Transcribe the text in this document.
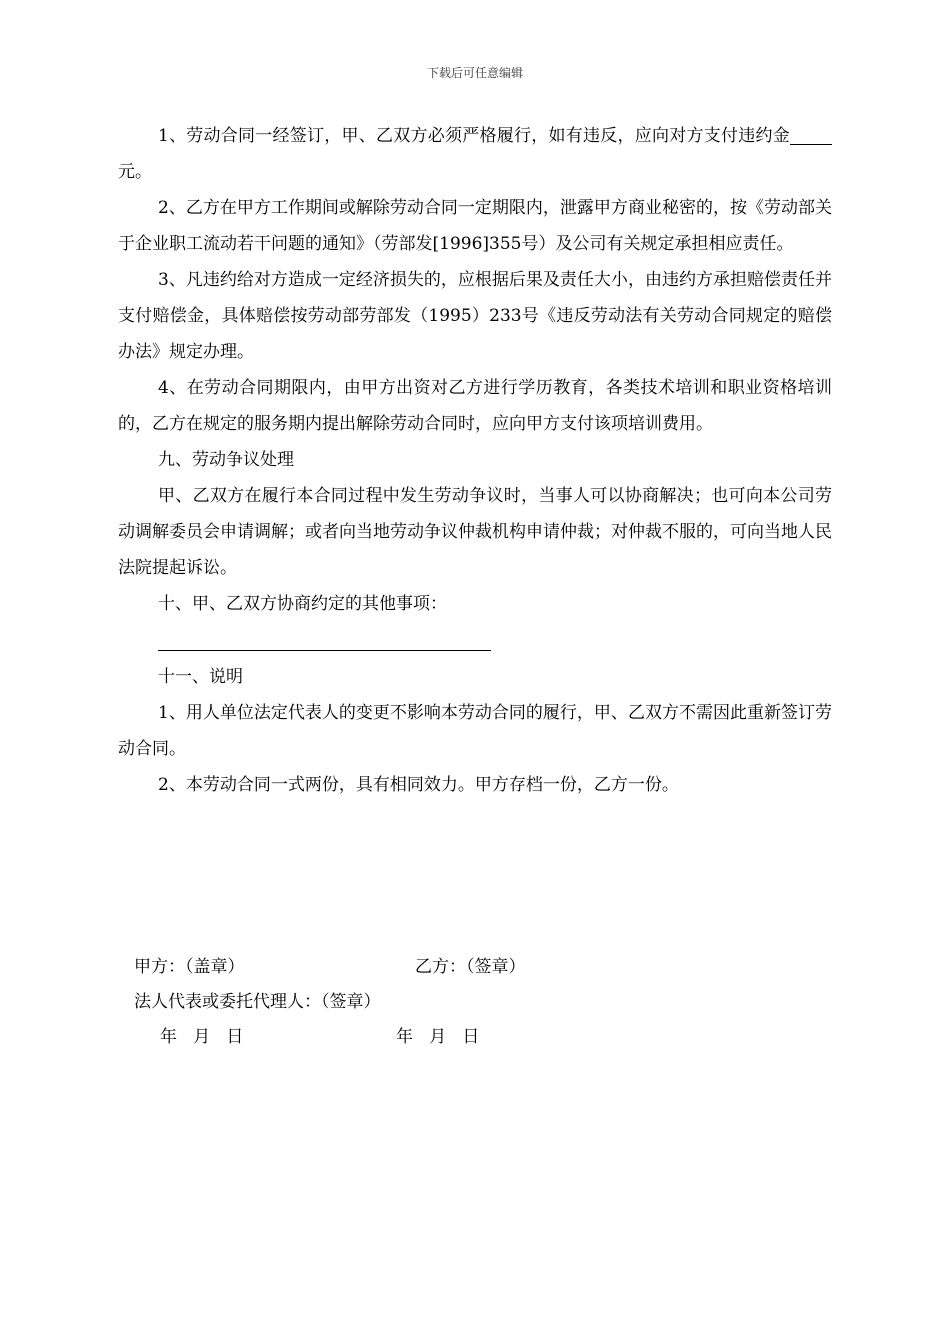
下载后可任意编辑

1、劳动合同一经签订，甲、乙双方必须严格履行，如有违反，应向对方支付违约金元。

2、乙方在甲方工作期间或解除劳动合同一定期限内，泄露甲方商业秘密的，按《劳动部关于企业职工流动若干问题的通知》（劳部发[1996]355号）及公司有关规定承担相应责任。

3、凡违约给对方造成一定经济损失的，应根据后果及责任大小，由违约方承担赔偿责任并支付赔偿金，具体赔偿按劳动部劳部发（1995）233号《违反劳动法有关劳动合同规定的赔偿办法》规定办理。

4、在劳动合同期限内，由甲方出资对乙方进行学历教育，各类技术培训和职业资格培训的，乙方在规定的服务期内提出解除劳动合同时，应向甲方支付该项培训费用。

九、劳动争议处理

甲、乙双方在履行本合同过程中发生劳动争议时，当事人可以协商解决；也可向本公司劳动调解委员会申请调解；或者向当地劳动争议仲裁机构申请仲裁；对仲裁不服的，可向当地人民法院提起诉讼。

十、甲、乙双方协商约定的其他事项：

十一、说明

1、用人单位法定代表人的变更不影响本劳动合同的履行，甲、乙双方不需因此重新签订劳动合同。

2、本劳动合同一式两份，具有相同效力。甲方存档一份，乙方一份。

甲方：（盖章）	乙方：（签章）
法人代表或委托代理人：（签章）
年   月   日	年   月   日
